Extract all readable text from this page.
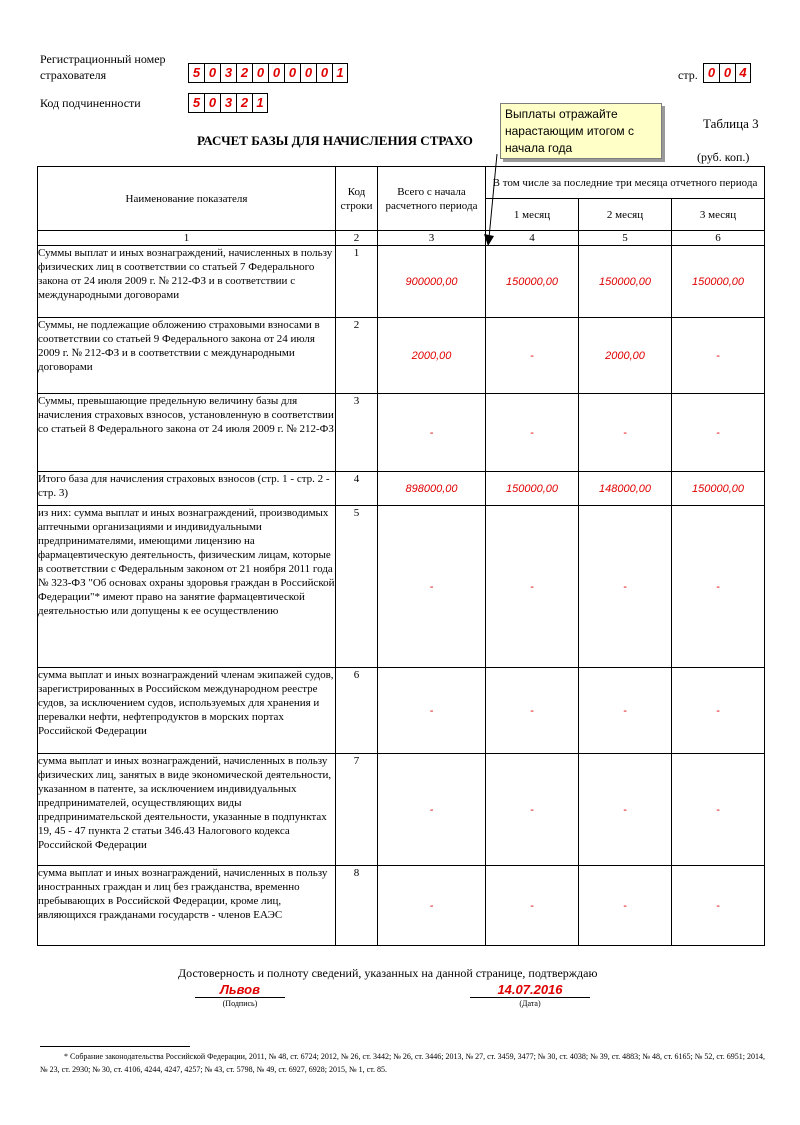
Регистрационный номер
страхователя	5 0 3 2 0 0 0 0 0 1
Код подчиненности	5 0 3 2 1
стр. 0 0 4
Таблица 3
РАСЧЕТ БАЗЫ ДЛЯ НАЧИСЛЕНИЯ СТРАХО
(руб. коп.)
Наименование показателя	Код строки	Всего с начала расчетного периода	В том числе за последние три месяца отчетного периода		
			1 месяц	2 месяц	3 месяц
1	2	3	4	5	6
Суммы выплат и иных вознаграждений, начисленных в пользу физических лиц в соответствии со статьей 7 Федерального закона от 24 июля 2009 г. № 212-ФЗ и в соответствии с международными договорами	1	900000,00	150000,00	150000,00	150000,00
Суммы, не подлежащие обложению страховыми взносами в соответствии со статьей 9 Федерального закона от 24 июля 2009 г. № 212-ФЗ и в соответствии с международными договорами	2	2000,00	-	2000,00	-
Суммы, превышающие предельную величину базы для начисления страховых взносов, установленную в соответствии со статьей 8 Федерального закона от 24 июля 2009 г. № 212-ФЗ	3	-	-	-	-
Итого база для начисления страховых взносов (стр. 1 - стр. 2 - стр. 3)	4	898000,00	150000,00	148000,00	150000,00
из них: сумма выплат и иных вознаграждений, производимых аптечными организациями и индивидуальными предпринимателями, имеющими лицензию на фармацевтическую деятельность, физическим лицам, которые в соответствии с Федеральным законом от 21 ноября 2011 года № 323-ФЗ "Об основах охраны здоровья граждан в Российской Федерации"* имеют право на занятие фармацевтической деятельностью или допущены к ее осуществлению	5	-	-	-	-
сумма выплат и иных вознаграждений членам экипажей судов, зарегистрированных в Российском международном реестре судов, за исключением судов, используемых для хранения и перевалки нефти, нефтепродуктов в морских портах Российской Федерации	6	-	-	-	-
сумма выплат и иных вознаграждений, начисленных в пользу физических лиц, занятых в виде экономической деятельности, указанном в патенте, за исключением индивидуальных предпринимателей, осуществляющих виды предпринимательской деятельности, указанные в подпунктах 19, 45 - 47 пункта 2 статьи 346.43 Налогового кодекса Российской Федерации	7	-	-	-	-
сумма выплат и иных вознаграждений, начисленных в пользу иностранных граждан и лиц без гражданства, временно пребывающих в Российской Федерации, кроме лиц, являющихся гражданами государств - членов ЕАЭС	8	-	-	-	-
Выплаты отражайте
нарастающим итогом с
начала года
Достоверность и полноту сведений, указанных на данной странице, подтверждаю
Львов
(Подпись)
14.07.2016
(Дата)
* Собрание законодательства Российской Федерации, 2011, № 48, ст. 6724; 2012, № 26, ст. 3442; № 26, ст. 3446; 2013, № 27, ст. 3459, 3477; № 30, ст. 4038; № 39, ст. 4883; № 48, ст. 6165; № 52, ст. 6951; 2014, № 23, ст. 2930; № 30, ст. 4106, 4244, 4247, 4257; № 43, ст. 5798, № 49, ст. 6927, 6928; 2015, № 1, ст. 85.
